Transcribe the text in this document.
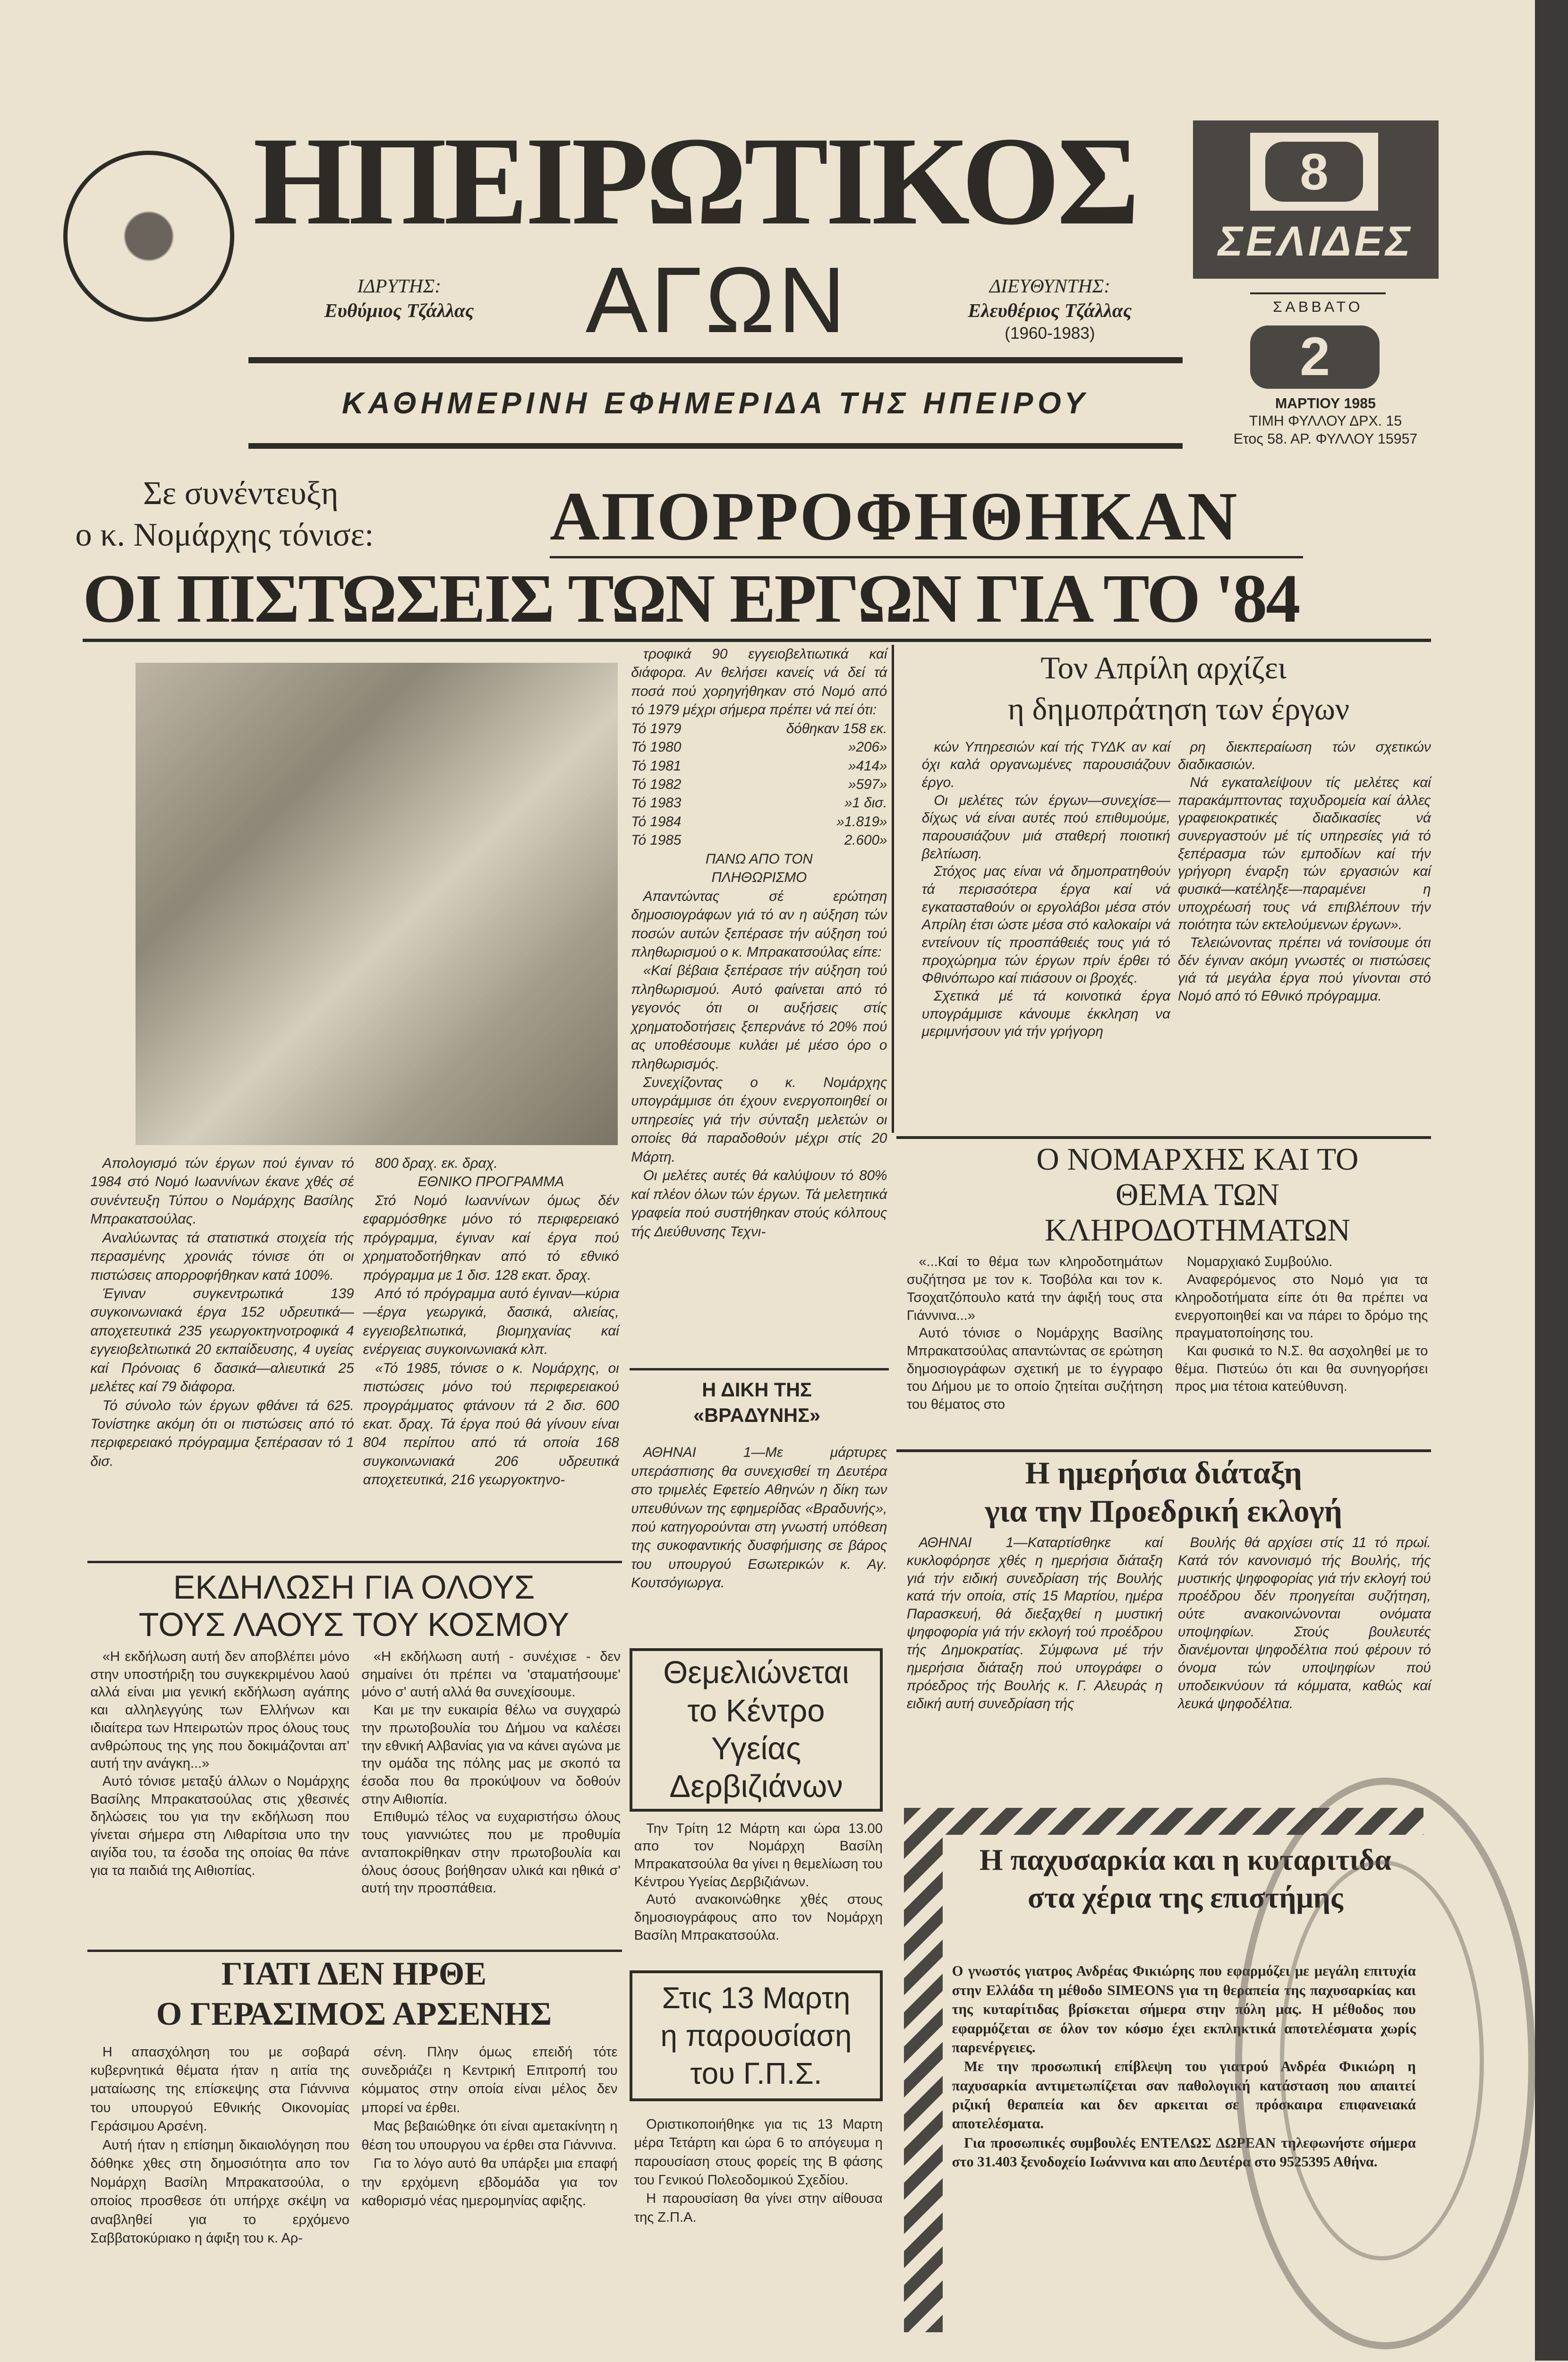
ΗΠΕΙΡΩΤΙΚΟΣ
ΑΓΩΝ
ΙΔΡΥΤΗΣ:
Ευθύμιος Τζάλλας
ΔΙΕΥΘΥΝΤΗΣ:
Ελευθέριος Τζάλλας
(1960-1983)
ΚΑΘΗΜΕΡΙΝΗ ΕΦΗΜΕΡΙΔΑ ΤΗΣ ΗΠΕΙΡΟΥ
8
ΣΕΛΙΔΕΣ
ΣΑΒΒΑΤΟ
2
ΜΑΡΤΙΟΥ 1985
ΤΙΜΗ ΦΥΛΛΟΥ ΔΡΧ. 15
Ετος 58. ΑΡ. ΦΥΛΛΟΥ 15957
Σε συνέντευξη
ο κ. Νομάρχης τόνισε:	ΑΠΟΡΡΟΦΗΘΗΚΑΝ
ΟΙ ΠΙΣΤΩΣΕΙΣ ΤΩΝ ΕΡΓΩΝ ΓΙΑ ΤΟ '84

Απολογισμό τών έργων πού έγιναν τό 1984 στό Νομό Ιωαννίνων έκανε χθές σέ συνέντευξη Τύπου ο Νομάρχης Βασίλης Μπρακατσούλας.

Αναλύωντας τά στατιστικά στοιχεία τής περασμένης χρονιάς τόνισε ότι οι πιστώσεις απορροφήθηκαν κατά 100%.

Έγιναν συγκεντρωτικά 139 συγκοινωνιακά έργα 152 υδρευτικά—αποχετευτικά 235 γεωργοκτηνοτροφικά 4 εγγειοβελτιωτικά 20 εκπαίδευσης, 4 υγείας καί Πρόνοιας 6 δασικά—αλιευτικά 25 μελέτες καί 79 διάφορα.

Τό σύνολο τών έργων φθάνει τά 625. Τονίστηκε ακόμη ότι οι πιστώσεις από τό περιφερειακό πρόγραμμα ξεπέρασαν τό 1 δισ.

800 δραχ. εκ. δραχ.

ΕΘΝΙΚΟ ΠΡΟΓΡΑΜΜΑ

Στό Νομό Ιωαννίνων όμως δέν εφαρμόσθηκε μόνο τό περιφερειακό πρόγραμμα, έγιναν καί έργα πού χρηματοδοτήθηκαν από τό εθνικό πρόγραμμα με 1 δισ. 128 εκατ. δραχ.

Από τό πρόγραμμα αυτό έγιναν—κύρια—έργα γεωργικά, δασικά, αλιείας, εγγειοβελτιωτικά, βιομηχανίας καί ενέργειας συγκοινωνιακά κλπ.

«Τό 1985, τόνισε ο κ. Νομάρχης, οι πιστώσεις μόνο τού περιφερειακού προγράμματος φτάνουν τά 2 δισ. 600 εκατ. δραχ. Τά έργα πού θά γίνουν είναι 804 περίπου από τά οποία 168 συγκοινωνιακά 206 υδρευτικά αποχετευτικά, 216 γεωργοκτηνο-

τροφικά 90 εγγειοβελτιωτικά καί διάφορα. Αν θελήσει κανείς νά δεί τά ποσά πού χορηγήθηκαν στό Νομό από τό 1979 μέχρι σήμερα πρέπει νά πεί ότι:

Τό 1979	δόθηκαν 158 εκ.
Τό 1980	»206»
Τό 1981	»414»
Τό 1982	»597»
Τό 1983	»1 δισ.
Τό 1984	»1.819»
Τό 1985	2.600»

ΠΑΝΩ ΑΠΟ ΤΟΝ ΠΛΗΘΩΡΙΣΜΟ

Απαντώντας σέ ερώτηση δημοσιογράφων γιά τό αν η αύξηση τών ποσών αυτών ξεπέρασε τήν αύξηση τού πληθωρισμού ο κ. Μπρακατσούλας είπε:

«Καί βέβαια ξεπέρασε τήν αύξηση τού πληθωρισμού. Αυτό φαίνεται από τό γεγονός ότι οι αυξήσεις στίς χρηματοδοτήσεις ξεπερνάνε τό 20% πού ας υποθέσουμε κυλάει μέ μέσο όρο ο πληθωρισμός.

Συνεχίζοντας ο κ. Νομάρχης υπογράμμισε ότι έχουν ενεργοποιηθεί οι υπηρεσίες γιά τήν σύνταξη μελετών οι οποίες θά παραδοθούν μέχρι στίς 20 Μάρτη.

Οι μελέτες αυτές θά καλύψουν τό 80% καί πλέον όλων τών έργων. Τά μελετητικά γραφεία πού συστήθηκαν στούς κόλπους τής Διεύθυνσης Τεχνι-

Τον Απρίλη αρχίζει
η δημοπράτηση των έργων

κών Υπηρεσιών καί τής ΤΥΔΚ αν καί όχι καλά οργανωμένες παρουσιάζουν έργο.

Οι μελέτες τών έργων—συνεχίσε—δίχως νά είναι αυτές πού επιθυμούμε, παρουσιάζουν μιά σταθερή ποιοτική βελτίωση.

Στόχος μας είναι νά δημοπρατηθούν τά περισσότερα έργα καί νά εγκατασταθούν οι εργολάβοι μέσα στόν Απρίλη έτσι ώστε μέσα στό καλοκαίρι νά εντείνουν τίς προσπάθειές τους γιά τό προχώρημα τών έργων πρίν έρθει τό Φθινόπωρο καί πιάσουν οι βροχές.

Σχετικά μέ τά κοινοτικά έργα υπογράμμισε κάνουμε έκκληση να μεριμνήσουν γιά τήν γρήγορη

ρη διεκπεραίωση τών σχετικών διαδικασιών.

Νά εγκαταλείψουν τίς μελέτες καί παρακάμπτοντας ταχυδρομεία καί άλλες γραφειοκρατικές διαδικασίες νά συνεργαστούν μέ τίς υπηρεσίες γιά τό ξεπέρασμα τών εμποδίων καί τήν γρήγορη έναρξη τών εργασιών καί φυσικά—κατέληξε—παραμένει η υποχρέωσή τους νά επιβλέπουν τήν ποιότητα τών εκτελούμενων έργων».

Τελειώνοντας πρέπει νά τονίσουμε ότι δέν έγιναν ακόμη γνωστές οι πιστώσεις γιά τά μεγάλα έργα πού γίνονται στό Νομό από τό Εθνικό πρόγραμμα.

Ο ΝΟΜΑΡΧΗΣ ΚΑΙ ΤΟ ΘΕΜΑ ΤΩΝ ΚΛΗΡΟΔΟΤΗΜΑΤΩΝ

«...Καί το θέμα των κληροδοτημάτων συζήτησα με τον κ. Τσοβόλα και τον κ. Τσοχατζόπουλο κατά την άφιξή τους στα Γιάννινα...»

Αυτό τόνισε ο Νομάρχης Βασίλης Μπρακατσούλας απαντώντας σε ερώτηση δημοσιογράφων σχετική με το έγγραφο του Δήμου με το οποίο ζητείται συζήτηση του θέματος στο

Νομαρχιακό Συμβούλιο.

Αναφερόμενος στο Νομό για τα κληροδοτήματα είπε ότι θα πρέπει να ενεργοποιηθεί και να πάρει το δρόμο της πραγματοποίησης του.

Και φυσικά το Ν.Σ. θα ασχοληθεί με το θέμα. Πιστεύω ότι και θα συνηγορήσει προς μια τέτοια κατεύθυνση.

Η ΔΙΚΗ ΤΗΣ «ΒΡΑΔΥΝΗΣ»

ΑΘΗΝΑΙ 1—Με μάρτυρες υπεράσπισης θα συνεχισθεί τη Δευτέρα στο τριμελές Εφετείο Αθηνών η δίκη των υπευθύνων της εφημερίδας «Βραδυνής», πού κατηγορούνται στη γνωστή υπόθεση της συκοφαντικής δυσφήμισης σε βάρος του υπουργού Εσωτερικών κ. Αγ. Κουτσόγιωργα.

Η ημερήσια διάταξη
για την Προεδρική εκλογή

ΑΘΗΝΑΙ 1—Καταρτίσθηκε καί κυκλοφόρησε χθές η ημερήσια διάταξη γιά τήν ειδική συνεδρίαση τής Βουλής κατά τήν οποία, στίς 15 Μαρτίου, ημέρα Παρασκευή, θά διεξαχθεί η μυστική ψηφοφορία γιά τήν εκλογή τού προέδρου τής Δημοκρατίας. Σύμφωνα μέ τήν ημερήσια διάταξη πού υπογράφει ο πρόεδρος τής Βουλής κ. Γ. Αλευράς η ειδική αυτή συνεδρίαση τής

Βουλής θά αρχίσει στίς 11 τό πρωί. Κατά τόν κανονισμό τής Βουλής, τής μυστικής ψηφοφορίας γιά τήν εκλογή τού προέδρου δέν προηγείται συζήτηση, ούτε ανακοινώνονται ονόματα υποψηφίων. Στούς βουλευτές διανέμονται ψηφοδέλτια πού φέρουν τό όνομα τών υποψηφίων πού υποδεικνύουν τά κόμματα, καθώς καί λευκά ψηφοδέλτια.

ΕΚΔΗΛΩΣΗ ΓΙΑ ΟΛΟΥΣ
ΤΟΥΣ ΛΑΟΥΣ ΤΟΥ ΚΟΣΜΟΥ

«Η εκδήλωση αυτή δεν αποβλέπει μόνο στην υποστήριξη του συγκεκριμένου λαού αλλά είναι μια γενική εκδήλωση αγάπης και αλληλεγγύης των Ελλήνων και ιδιαίτερα των Ηπειρωτών προς όλους τους ανθρώπους της γης που δοκιμάζονται απ' αυτή την ανάγκη...»

Αυτό τόνισε μεταξύ άλλων ο Νομάρχης Βασίλης Μπρακατσούλας στις χθεσινές δηλώσεις του για την εκδήλωση που γίνεται σήμερα στη Λιθαρίτσια υπο την αιγίδα του, τα έσοδα της οποίας θα πάνε για τα παιδιά της Αιθιοπίας.

«Η εκδήλωση αυτή - συνέχισε - δεν σημαίνει ότι πρέπει να 'σταματήσουμε' μόνο σ' αυτή αλλά θα συνεχίσουμε.

Και με την ευκαιρία θέλω να συγχαρώ την πρωτοβουλία του Δήμου να καλέσει την εθνική Αλβανίας για να κάνει αγώνα με την ομάδα της πόλης μας με σκοπό τα έσοδα που θα προκύψουν να δοθούν στην Αιθιοπία.

Επιθυμώ τέλος να ευχαριστήσω όλους τους γιαννιώτες που με προθυμία ανταποκρίθηκαν στην πρωτοβουλία και όλους όσους βοήθησαν υλικά και ηθικά σ' αυτή την προσπάθεια.

Θεμελιώνεται το Κέντρο Υγείας Δερβιζιάνων

Την Τρίτη 12 Μάρτη και ώρα 13.00 απο τον Νομάρχη Βασίλη Μπρακατσούλα θα γίνει η θεμελίωση του Κέντρου Υγείας Δερβιζιάνων.

Αυτό ανακοινώθηκε χθές στους δημοσιογράφους απο τον Νομάρχη Βασίλη Μπρακατσούλα.

ΓΙΑΤΙ ΔΕΝ ΗΡΘΕ
Ο ΓΕΡΑΣΙΜΟΣ ΑΡΣΕΝΗΣ

Η απασχόληση του με σοβαρά κυβερνητικά θέματα ήταν η αιτία της ματαίωσης της επίσκεψης στα Γιάννινα του υπουργού Εθνικής Οικονομίας Γεράσιμου Αρσένη.

Αυτή ήταν η επίσημη δικαιολόγηση που δόθηκε χθες στη δημοσιότητα απο τον Νομάρχη Βασίλη Μπρακατσούλα, ο οποίος προσθεσε ότι υπήρχε σκέψη να αναβληθεί για το ερχόμενο Σαββατοκύριακο η άφιξη του κ. Αρ-

σένη. Πλην όμως επειδή τότε συνεδριάζει η Κεντρική Επιτροπή του κόμματος στην οποία είναι μέλος δεν μπορεί να έρθει.

Μας βεβαιώθηκε ότι είναι αμετακίνητη η θέση του υπουργου να έρθει στα Γιάννινα.

Για το λόγο αυτό θα υπάρξει μια επαφή την ερχόμενη εβδομάδα για τον καθορισμό νέας ημερομηνίας αφιξης.

Στις 13 Μαρτη η παρουσίαση του Γ.Π.Σ.

Οριστικοποιήθηκε για τις 13 Μαρτη μέρα Τετάρτη και ώρα 6 το απόγευμα η παρουσίαση στους φορείς της Β φάσης του Γενικού Πολεοδομικού Σχεδίου.

Η παρουσίαση θα γίνει στην αίθουσα της Ζ.Π.Α.

Η παχυσαρκία και η κυταριτιδα στα χέρια της επιστήμης

Ο γνωστός γιατρος Ανδρέας Φικιώρης που εφαρμόζει με μεγάλη επιτυχία στην Ελλάδα τη μέθοδο SIMEONS για τη θεραπεία της παχυσαρκίας και της κυταρίτιδας βρίσκεται σήμερα στην πόλη μας. Η μέθοδος που εφαρμόζεται σε όλον τον κόσμο έχει εκπληκτικά αποτελέσματα χωρίς παρενέργειες.

Με την προσωπική επίβλεψη του γιατρού Ανδρέα Φικιώρη η παχυσαρκία αντιμετωπίζεται σαν παθολογική κατάσταση που απαιτεί ριζική θεραπεία και δεν αρκειται σε πρόσκαιρα επιφανειακά αποτελέσματα.

Για προσωπικές συμβουλές ΕΝΤΕΛΩΣ ΔΩΡΕΑΝ τηλεφωνήστε σήμερα στο 31.403 ξενοδοχείο Ιωάννινα και απο Δευτέρα στο 9525395 Αθήνα.
